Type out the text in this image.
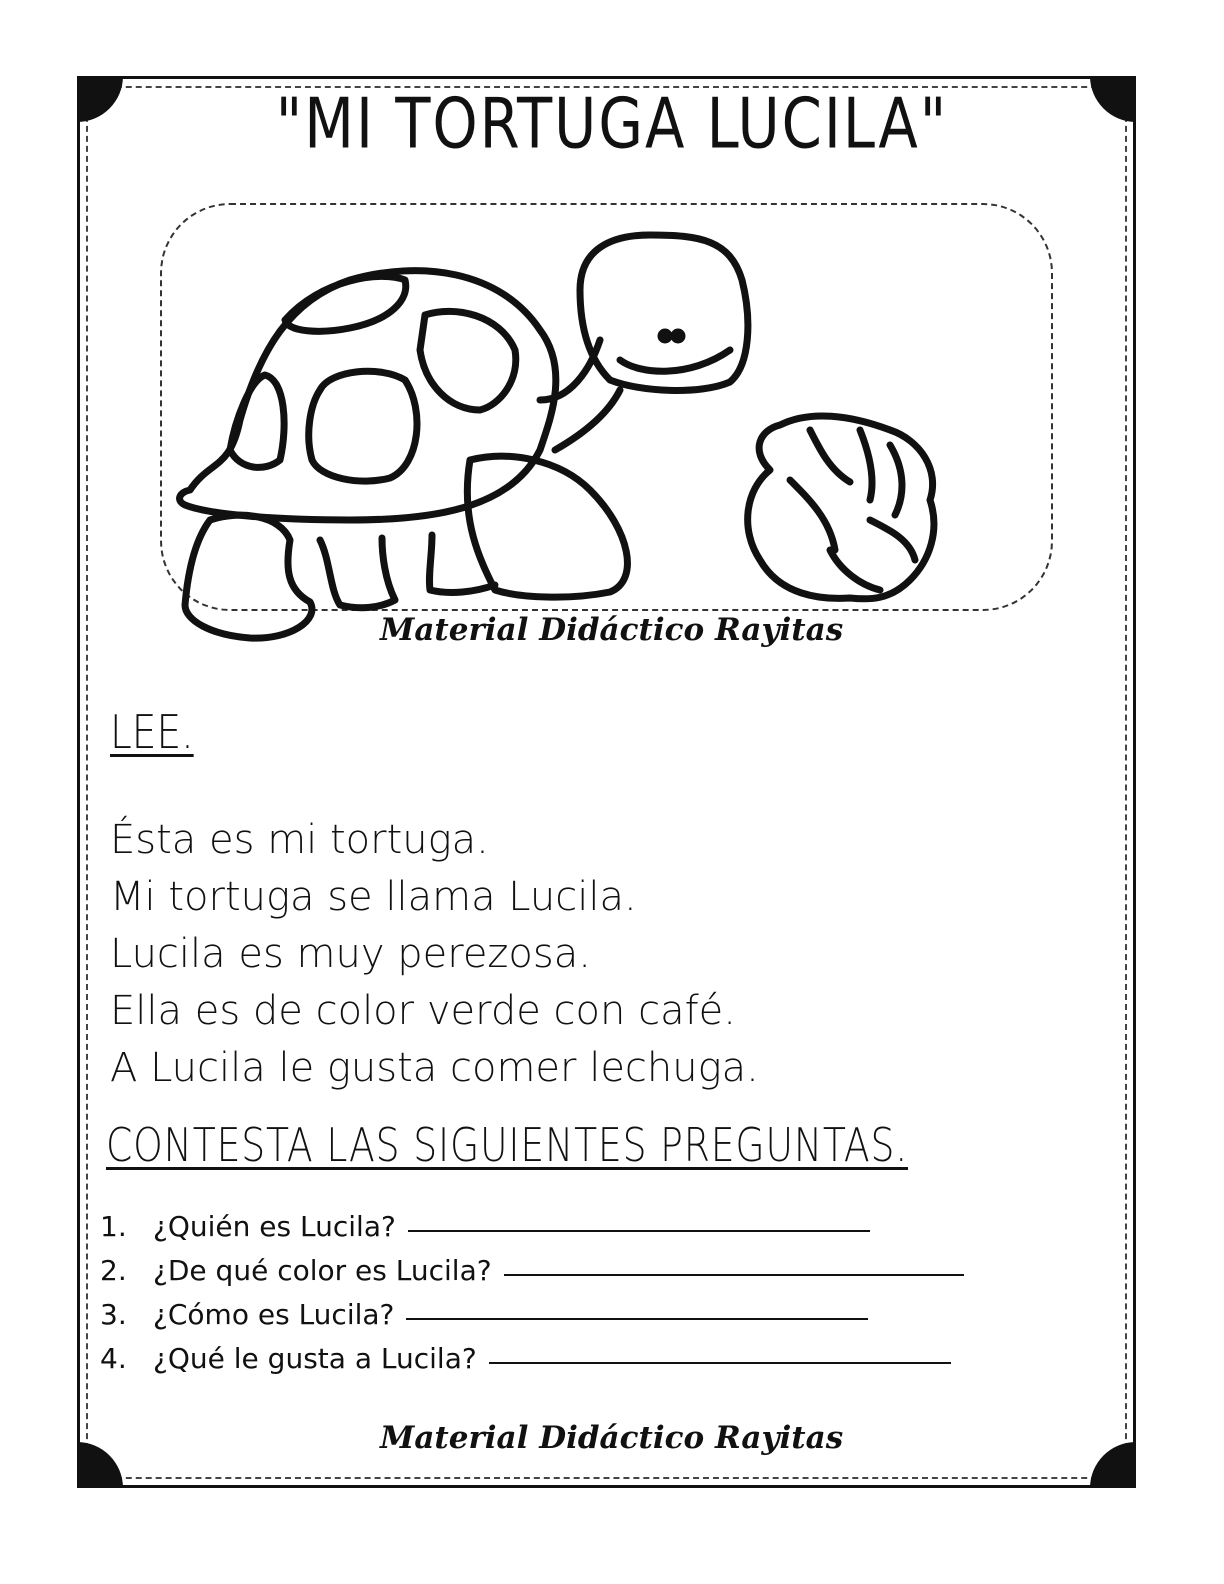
"MI TORTUGA LUCILA"
Material Didáctico Rayitas
LEE.
Ésta es mi tortuga.
Mi tortuga se llama Lucila.
Lucila es muy perezosa.
Ella es de color verde con café.
A Lucila le gusta comer lechuga.
CONTESTA LAS SIGUIENTES PREGUNTAS.
1. ¿Quién es Lucila?
2. ¿De qué color es Lucila?
3. ¿Cómo es Lucila?
4. ¿Qué le gusta a Lucila?
Material Didáctico Rayitas
